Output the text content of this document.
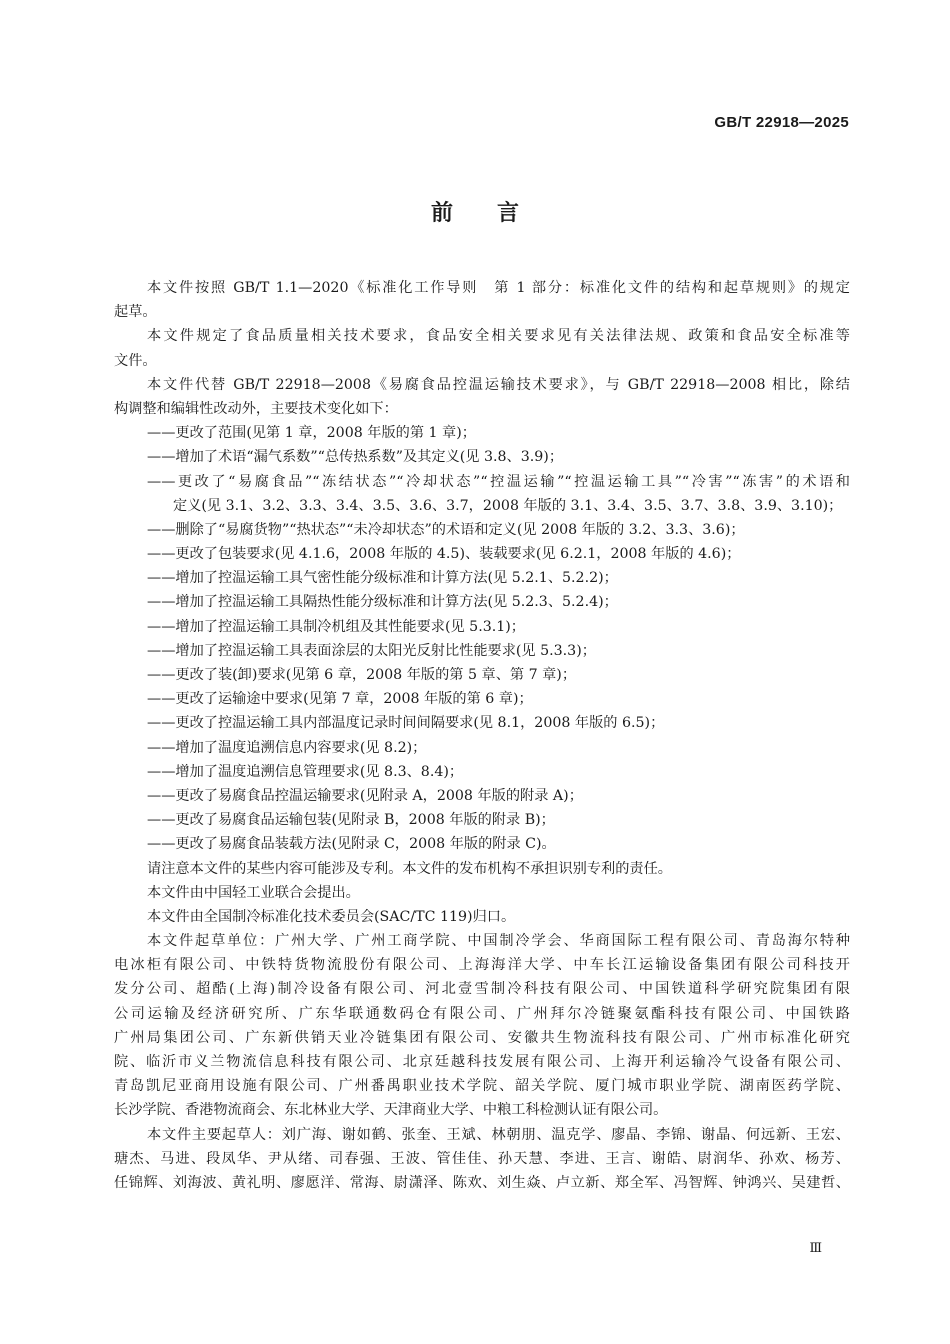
GB/T 22918—2025
前言
本文件按照 GB/T 1.1—2020《标准化工作导则　第 1 部分：标准化文件的结构和起草规则》的规定
起草。
本文件规定了食品质量相关技术要求，食品安全相关要求见有关法律法规、政策和食品安全标准等
文件。
本文件代替 GB/T 22918—2008《易腐食品控温运输技术要求》，与 GB/T 22918—2008 相比，除结
构调整和编辑性改动外，主要技术变化如下：
——更改了范围(见第 1 章，2008 年版的第 1 章)；
——增加了术语“漏气系数”“总传热系数”及其定义(见 3.8、3.9)；
——更改了“易腐食品”“冻结状态”“冷却状态”“控温运输”“控温运输工具”“冷害”“冻害”的术语和
定义(见 3.1、3.2、3.3、3.4、3.5、3.6、3.7，2008 年版的 3.1、3.4、3.5、3.7、3.8、3.9、3.10)；
——删除了“易腐货物”“热状态”“未冷却状态”的术语和定义(见 2008 年版的 3.2、3.3、3.6)；
——更改了包装要求(见 4.1.6，2008 年版的 4.5)、装载要求(见 6.2.1，2008 年版的 4.6)；
——增加了控温运输工具气密性能分级标准和计算方法(见 5.2.1、5.2.2)；
——增加了控温运输工具隔热性能分级标准和计算方法(见 5.2.3、5.2.4)；
——增加了控温运输工具制冷机组及其性能要求(见 5.3.1)；
——增加了控温运输工具表面涂层的太阳光反射比性能要求(见 5.3.3)；
——更改了装(卸)要求(见第 6 章，2008 年版的第 5 章、第 7 章)；
——更改了运输途中要求(见第 7 章，2008 年版的第 6 章)；
——更改了控温运输工具内部温度记录时间间隔要求(见 8.1，2008 年版的 6.5)；
——增加了温度追溯信息内容要求(见 8.2)；
——增加了温度追溯信息管理要求(见 8.3、8.4)；
——更改了易腐食品控温运输要求(见附录 A，2008 年版的附录 A)；
——更改了易腐食品运输包装(见附录 B，2008 年版的附录 B)；
——更改了易腐食品装载方法(见附录 C，2008 年版的附录 C)。
请注意本文件的某些内容可能涉及专利。本文件的发布机构不承担识别专利的责任。
本文件由中国轻工业联合会提出。
本文件由全国制冷标准化技术委员会(SAC/TC 119)归口。
本文件起草单位：广州大学、广州工商学院、中国制冷学会、华商国际工程有限公司、青岛海尔特种
电冰柜有限公司、中铁特货物流股份有限公司、上海海洋大学、中车长江运输设备集团有限公司科技开
发分公司、超酷(上海)制冷设备有限公司、河北壹雪制冷科技有限公司、中国铁道科学研究院集团有限
公司运输及经济研究所、广东华联通数码仓有限公司、广州拜尔冷链聚氨酯科技有限公司、中国铁路
广州局集团公司、广东新供销天业冷链集团有限公司、安徽共生物流科技有限公司、广州市标准化研究
院、临沂市义兰物流信息科技有限公司、北京廷越科技发展有限公司、上海开利运输冷气设备有限公司、
青岛凯尼亚商用设施有限公司、广州番禺职业技术学院、韶关学院、厦门城市职业学院、湖南医药学院、
长沙学院、香港物流商会、东北林业大学、天津商业大学、中粮工科检测认证有限公司。
本文件主要起草人：刘广海、谢如鹤、张奎、王斌、林朝朋、温克学、廖晶、李锦、谢晶、何远新、王宏、
瑭杰、马进、段凤华、尹从绪、司春强、王波、管佳佳、孙天慧、李进、王言、谢皓、尉润华、孙欢、杨芳、
任锦辉、刘海波、黄礼明、廖愿洋、常海、尉潇泽、陈欢、刘生焱、卢立新、郑全军、冯智辉、钟鸿兴、吴建哲、
Ⅲ
